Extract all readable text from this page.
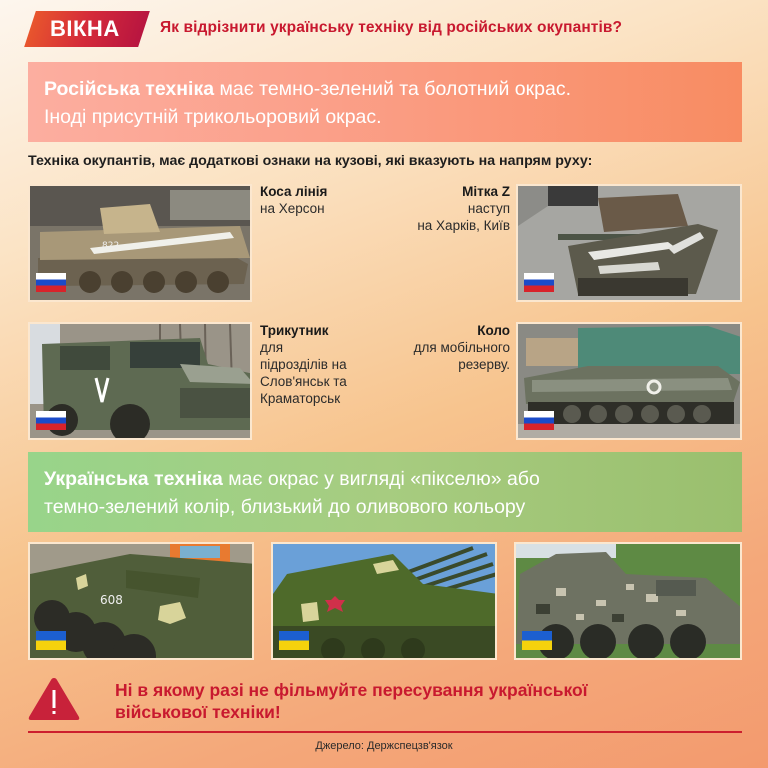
ВІКНА	Як відрізнити українську техніку від російських окупантів?
Російська техніка має темно-зелений та болотний окрас.
Іноді присутній трикольоровий окрас.
Техніка окупантів, має додаткові ознаки на кузові, які вказують на напрям руху:
822
Коса лінія
на Херсон
Мітка Z
наступ
на Харків, Київ
Трикутник
для
підрозділів на
Слов'янськ та
Краматорськ
Коло
для мобільного
резерву.
Українська техніка має окрас у вигляді «пікселю» або
темно-зелений колір, близький до оливового кольору
608
Ні в якому разі не фільмуйте пересування української
військової техніки!
Джерело: Держспецзв'язок
